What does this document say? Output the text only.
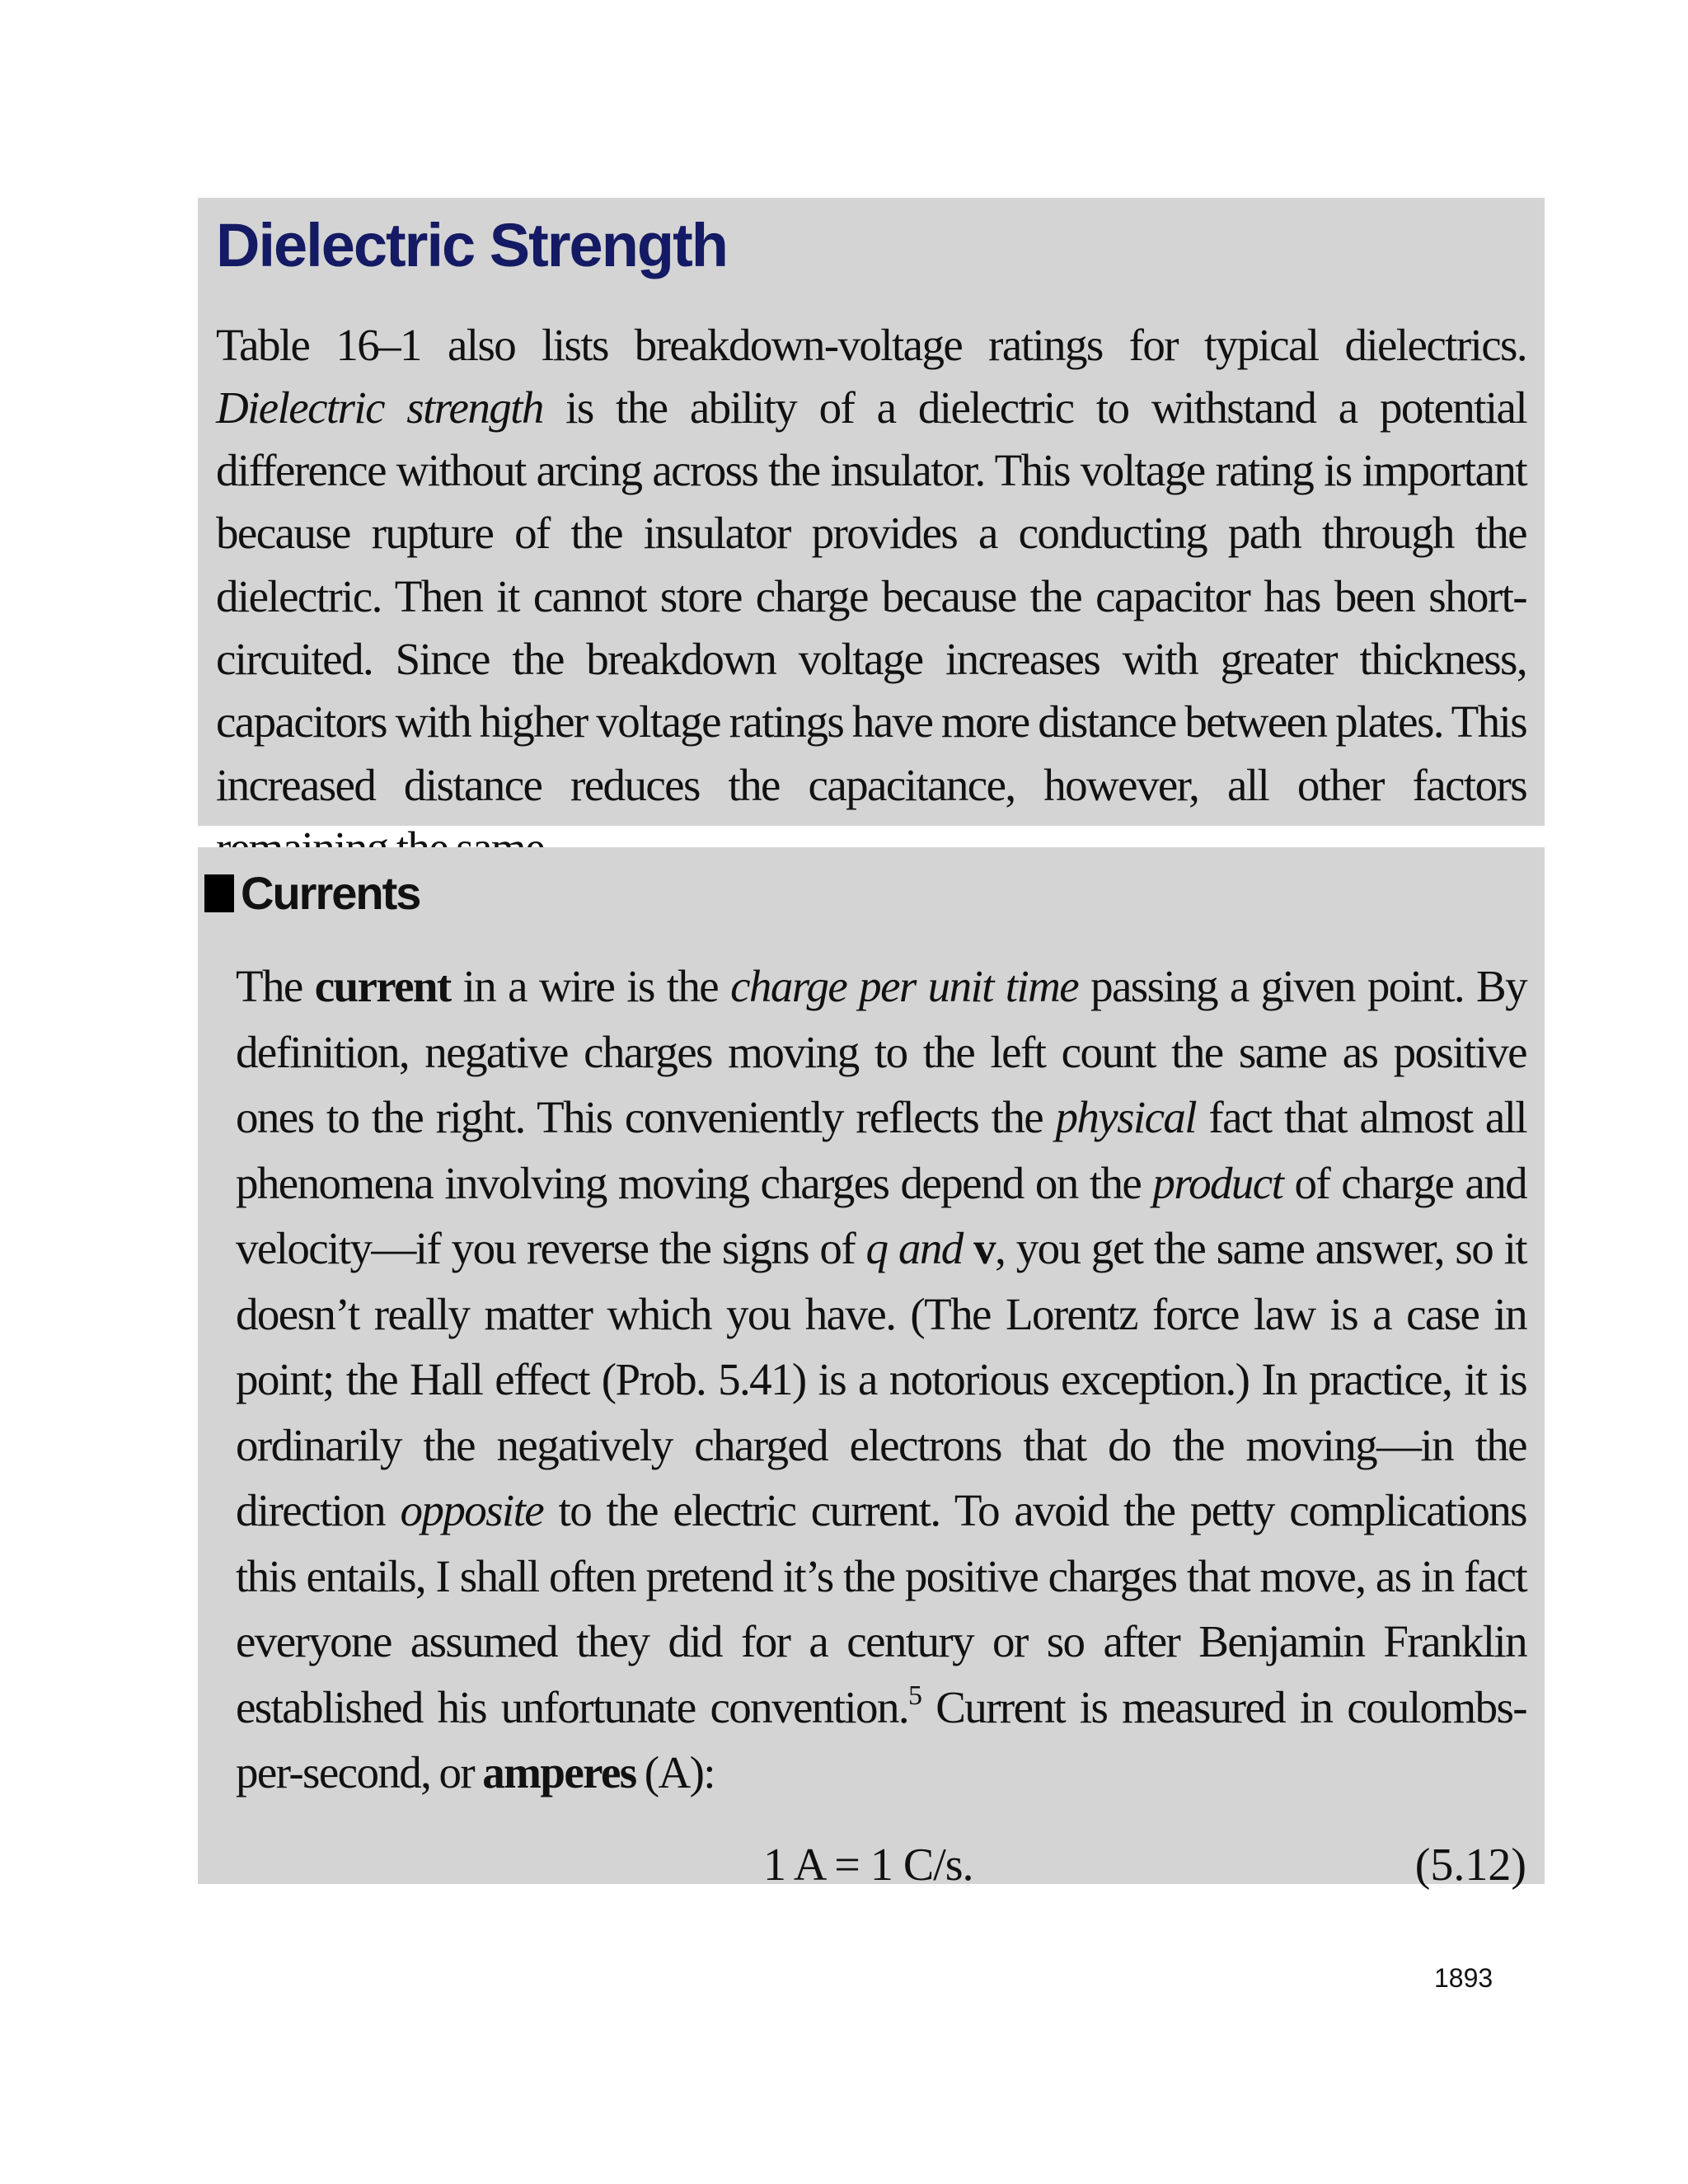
Dielectric Strength

Table 16–1 also lists breakdown-voltage ratings for typical dielectrics. Dielectric strength is the ability of a dielectric to withstand a potential difference without arcing across the insulator. This voltage rating is important because rupture of the insulator provides a conducting path through the dielectric. Then it cannot store charge because the capacitor has been short-circuited. Since the breakdown voltage increases with greater thickness, capacitors with higher voltage ratings have more distance between plates. This increased distance reduces the capacitance, however, all other factors

Currents

The current in a wire is the charge per unit time passing a given point. By definition, negative charges moving to the left count the same as positive ones to the right. This conveniently reflects the physical fact that almost all phenomena involving moving charges depend on the product of charge and velocity—if you reverse the signs of q and v, you get the same answer, so it doesn’t really matter which you have. (The Lorentz force law is a case in point; the Hall effect (Prob. 5.41) is a notorious exception.) In practice, it is ordinarily the negatively charged electrons that do the moving—in the direction opposite to the electric current. To avoid the petty complications this entails, I shall often pretend it’s the positive charges that move, as in fact everyone assumed they did for a century or so after Benjamin Franklin established his unfortunate convention.$^5$ Current is measured in coulombs-per-second, or amperes (A):

1 A = 1 C/s.	(5.12)
1893
